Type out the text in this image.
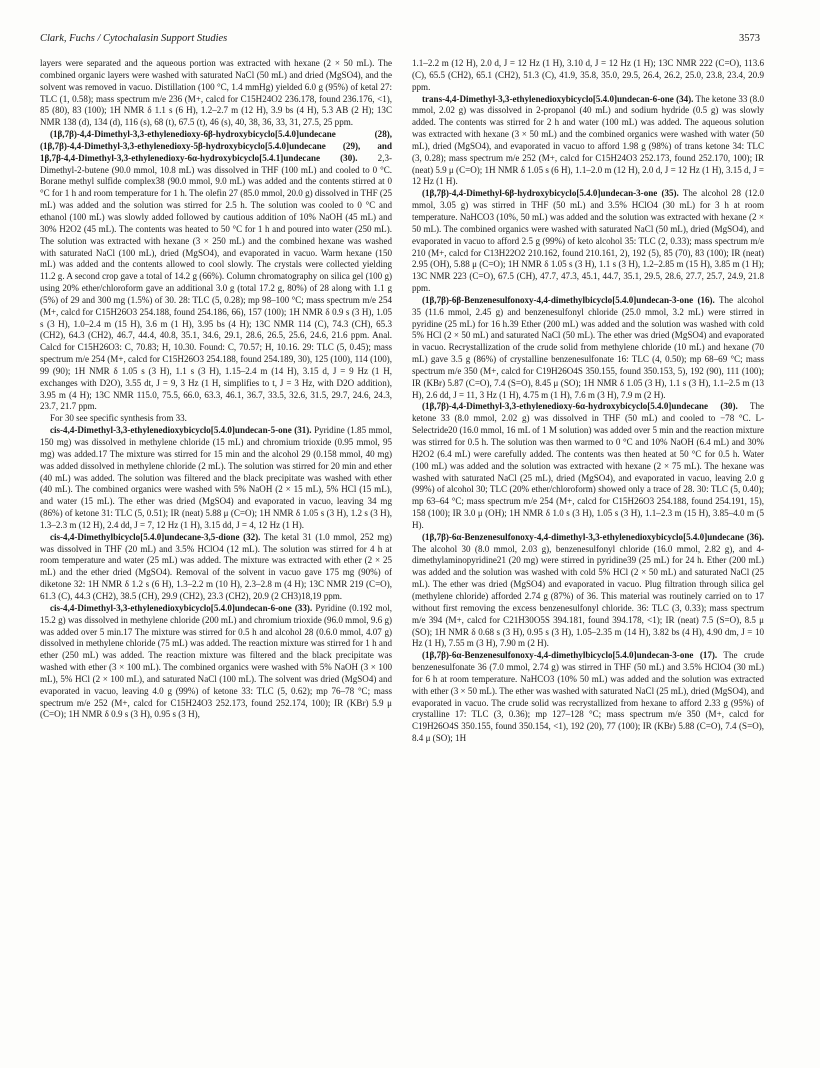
Clark, Fuchs / Cytochalasin Support Studies	3573

layers were separated and the aqueous portion was extracted with hexane (2 × 50 mL). The combined organic layers were washed with saturated NaCl (50 mL) and dried (MgSO4), and the solvent was removed in vacuo. Distillation (100 °C, 1.4 mmHg) yielded 6.0 g (95%) of ketal 27: TLC (1, 0.58); mass spectrum m/e 236 (M+, calcd for C15H24O2 236.178, found 236.176, <1), 85 (80), 83 (100); 1H NMR δ 1.1 s (6 H), 1.2–2.7 m (12 H), 3.9 bs (4 H), 5.3 AB (2 H); 13C NMR 138 (d), 134 (d), 116 (s), 68 (t), 67.5 (t), 46 (s), 40, 38, 36, 33, 31, 27.5, 25 ppm.

(1β,7β)-4,4-Dimethyl-3,3-ethylenedioxy-6β-hydroxybicyclo[5.4.0]undecane (28), (1β,7β)-4,4-Dimethyl-3,3-ethylenedioxy-5β-hydroxybicyclo[5.4.0]undecane (29), and 1β,7β-4,4-Dimethyl-3,3-ethylenedioxy-6α-hydroxybicyclo[5.4.1]undecane (30). 2,3-Dimethyl-2-butene (90.0 mmol, 10.8 mL) was dissolved in THF (100 mL) and cooled to 0 °C. Borane methyl sulfide complex38 (90.0 mmol, 9.0 mL) was added and the contents stirred at 0 °C for 1 h and room temperature for 1 h. The olefin 27 (85.0 mmol, 20.0 g) dissolved in THF (25 mL) was added and the solution was stirred for 2.5 h. The solution was cooled to 0 °C and ethanol (100 mL) was slowly added followed by cautious addition of 10% NaOH (45 mL) and 30% H2O2 (45 mL). The contents was heated to 50 °C for 1 h and poured into water (250 mL). The solution was extracted with hexane (3 × 250 mL) and the combined hexane was washed with saturated NaCl (100 mL), dried (MgSO4), and evaporated in vacuo. Warm hexane (150 mL) was added and the contents allowed to cool slowly. The crystals were collected yielding 11.2 g. A second crop gave a total of 14.2 g (66%). Column chromatography on silica gel (100 g) using 20% ether/chloroform gave an additional 3.0 g (total 17.2 g, 80%) of 28 along with 1.1 g (5%) of 29 and 300 mg (1.5%) of 30. 28: TLC (5, 0.28); mp 98–100 °C; mass spectrum m/e 254 (M+, calcd for C15H26O3 254.188, found 254.186, 66), 157 (100); 1H NMR δ 0.9 s (3 H), 1.05 s (3 H), 1.0–2.4 m (15 H), 3.6 m (1 H), 3.95 bs (4 H); 13C NMR 114 (C), 74.3 (CH), 65.3 (CH2), 64.3 (CH2), 46.7, 44.4, 40.8, 35.1, 34.6, 29.1, 28.6, 26.5, 25.6, 24.6, 21.6 ppm. Anal. Calcd for C15H26O3: C, 70.83; H, 10.30. Found: C, 70.57; H, 10.16. 29: TLC (5, 0.45); mass spectrum m/e 254 (M+, calcd for C15H26O3 254.188, found 254.189, 30), 125 (100), 114 (100), 99 (90); 1H NMR δ 1.05 s (3 H), 1.1 s (3 H), 1.15–2.4 m (14 H), 3.15 d, J = 9 Hz (1 H, exchanges with D2O), 3.55 dt, J = 9, 3 Hz (1 H, simplifies to t, J = 3 Hz, with D2O addition), 3.95 m (4 H); 13C NMR 115.0, 75.5, 66.0, 63.3, 46.1, 36.7, 33.5, 32.6, 31.5, 29.7, 24.6, 24.3, 23.7, 21.7 ppm.

For 30 see specific synthesis from 33.

cis-4,4-Dimethyl-3,3-ethylenedioxybicyclo[5.4.0]undecan-5-one (31). Pyridine (1.85 mmol, 150 mg) was dissolved in methylene chloride (15 mL) and chromium trioxide (0.95 mmol, 95 mg) was added.17 The mixture was stirred for 15 min and the alcohol 29 (0.158 mmol, 40 mg) was added dissolved in methylene chloride (2 mL). The solution was stirred for 20 min and ether (40 mL) was added. The solution was filtered and the black precipitate was washed with ether (40 mL). The combined organics were washed with 5% NaOH (2 × 15 mL), 5% HCl (15 mL), and water (15 mL). The ether was dried (MgSO4) and evaporated in vacuo, leaving 34 mg (86%) of ketone 31: TLC (5, 0.51); IR (neat) 5.88 μ (C=O); 1H NMR δ 1.05 s (3 H), 1.2 s (3 H), 1.3–2.3 m (12 H), 2.4 dd, J = 7, 12 Hz (1 H), 3.15 dd, J = 4, 12 Hz (1 H).

cis-4,4-Dimethylbicyclo[5.4.0]undecane-3,5-dione (32). The ketal 31 (1.0 mmol, 252 mg) was dissolved in THF (20 mL) and 3.5% HClO4 (12 mL). The solution was stirred for 4 h at room temperature and water (25 mL) was added. The mixture was extracted with ether (2 × 25 mL) and the ether dried (MgSO4). Removal of the solvent in vacuo gave 175 mg (90%) of diketone 32: 1H NMR δ 1.2 s (6 H), 1.3–2.2 m (10 H), 2.3–2.8 m (4 H); 13C NMR 219 (C=O), 61.3 (C), 44.3 (CH2), 38.5 (CH), 29.9 (CH2), 23.3 (CH2), 20.9 (2 CH3)18,19 ppm.

cis-4,4-Dimethyl-3,3-ethylenedioxybicyclo[5.4.0]undecan-6-one (33). Pyridine (0.192 mol, 15.2 g) was dissolved in methylene chloride (200 mL) and chromium trioxide (96.0 mmol, 9.6 g) was added over 5 min.17 The mixture was stirred for 0.5 h and alcohol 28 (0.6.0 mmol, 4.07 g) dissolved in methylene chloride (75 mL) was added. The reaction mixture was stirred for 1 h and ether (250 mL) was added. The reaction mixture was filtered and the black precipitate was washed with ether (3 × 100 mL). The combined organics were washed with 5% NaOH (3 × 100 mL), 5% HCl (2 × 100 mL), and saturated NaCl (100 mL). The solvent was dried (MgSO4) and evaporated in vacuo, leaving 4.0 g (99%) of ketone 33: TLC (5, 0.62); mp 76–78 °C; mass spectrum m/e 252 (M+, calcd for C15H24O3 252.173, found 252.174, 100); IR (KBr) 5.9 μ (C=O); 1H NMR δ 0.9 s (3 H), 0.95 s (3 H),

1.1–2.2 m (12 H), 2.0 d, J = 12 Hz (1 H), 3.10 d, J = 12 Hz (1 H); 13C NMR 222 (C=O), 113.6 (C), 65.5 (CH2), 65.1 (CH2), 51.3 (C), 41.9, 35.8, 35.0, 29.5, 26.4, 26.2, 25.0, 23.8, 23.4, 20.9 ppm.

trans-4,4-Dimethyl-3,3-ethylenedioxybicyclo[5.4.0]undecan-6-one (34). The ketone 33 (8.0 mmol, 2.02 g) was dissolved in 2-propanol (40 mL) and sodium hydride (0.5 g) was slowly added. The contents was stirred for 2 h and water (100 mL) was added. The aqueous solution was extracted with hexane (3 × 50 mL) and the combined organics were washed with water (50 mL), dried (MgSO4), and evaporated in vacuo to afford 1.98 g (98%) of trans ketone 34: TLC (3, 0.28); mass spectrum m/e 252 (M+, calcd for C15H24O3 252.173, found 252.170, 100); IR (neat) 5.9 μ (C=O); 1H NMR δ 1.05 s (6 H), 1.1–2.0 m (12 H), 2.0 d, J = 12 Hz (1 H), 3.15 d, J = 12 Hz (1 H).

(1β,7β)-4,4-Dimethyl-6β-hydroxybicyclo[5.4.0]undecan-3-one (35). The alcohol 28 (12.0 mmol, 3.05 g) was stirred in THF (50 mL) and 3.5% HClO4 (30 mL) for 3 h at room temperature. NaHCO3 (10%, 50 mL) was added and the solution was extracted with hexane (2 × 50 mL). The combined organics were washed with saturated NaCl (50 mL), dried (MgSO4), and evaporated in vacuo to afford 2.5 g (99%) of keto alcohol 35: TLC (2, 0.33); mass spectrum m/e 210 (M+, calcd for C13H22O2 210.162, found 210.161, 2), 192 (5), 85 (70), 83 (100); IR (neat) 2.95 (OH), 5.88 μ (C=O); 1H NMR δ 1.05 s (3 H), 1.1 s (3 H), 1.2–2.85 m (15 H), 3.85 m (1 H); 13C NMR 223 (C=O), 67.5 (CH), 47.7, 47.3, 45.1, 44.7, 35.1, 29.5, 28.6, 27.7, 25.7, 24.9, 21.8 ppm.

(1β,7β)-6β-Benzenesulfonoxy-4,4-dimethylbicyclo[5.4.0]undecan-3-one (16). The alcohol 35 (11.6 mmol, 2.45 g) and benzenesulfonyl chloride (25.0 mmol, 3.2 mL) were stirred in pyridine (25 mL) for 16 h.39 Ether (200 mL) was added and the solution was washed with cold 5% HCl (2 × 50 mL) and saturated NaCl (50 mL). The ether was dried (MgSO4) and evaporated in vacuo. Recrystallization of the crude solid from methylene chloride (10 mL) and hexane (70 mL) gave 3.5 g (86%) of crystalline benzenesulfonate 16: TLC (4, 0.50); mp 68–69 °C; mass spectrum m/e 350 (M+, calcd for C19H26O4S 350.155, found 350.153, 5), 192 (90), 111 (100); IR (KBr) 5.87 (C=O), 7.4 (S=O), 8.45 μ (SO); 1H NMR δ 1.05 (3 H), 1.1 s (3 H), 1.1–2.5 m (13 H), 2.6 dd, J = 11, 3 Hz (1 H), 4.75 m (1 H), 7.6 m (3 H), 7.9 m (2 H).

(1β,7β)-4,4-Dimethyl-3,3-ethylenedioxy-6α-hydroxybicyclo[5.4.0]undecane (30). The ketone 33 (8.0 mmol, 2.02 g) was dissolved in THF (50 mL) and cooled to −78 °C. L-Selectride20 (16.0 mmol, 16 mL of 1 M solution) was added over 5 min and the reaction mixture was stirred for 0.5 h. The solution was then warmed to 0 °C and 10% NaOH (6.4 mL) and 30% H2O2 (6.4 mL) were carefully added. The contents was then heated at 50 °C for 0.5 h. Water (100 mL) was added and the solution was extracted with hexane (2 × 75 mL). The hexane was washed with saturated NaCl (25 mL), dried (MgSO4), and evaporated in vacuo, leaving 2.0 g (99%) of alcohol 30; TLC (20% ether/chloroform) showed only a trace of 28. 30: TLC (5, 0.40); mp 63–64 °C; mass spectrum m/e 254 (M+, calcd for C15H26O3 254.188, found 254.191, 15), 158 (100); IR 3.0 μ (OH); 1H NMR δ 1.0 s (3 H), 1.05 s (3 H), 1.1–2.3 m (15 H), 3.85–4.0 m (5 H).

(1β,7β)-6α-Benzenesulfonoxy-4,4-dimethyl-3,3-ethylenedioxybicyclo[5.4.0]undecane (36). The alcohol 30 (8.0 mmol, 2.03 g), benzenesulfonyl chloride (16.0 mmol, 2.82 g), and 4-dimethylaminopyridine21 (20 mg) were stirred in pyridine39 (25 mL) for 24 h. Ether (200 mL) was added and the solution was washed with cold 5% HCl (2 × 50 mL) and saturated NaCl (25 mL). The ether was dried (MgSO4) and evaporated in vacuo. Plug filtration through silica gel (methylene chloride) afforded 2.74 g (87%) of 36. This material was routinely carried on to 17 without first removing the excess benzenesulfonyl chloride. 36: TLC (3, 0.33); mass spectrum m/e 394 (M+, calcd for C21H30O5S 394.181, found 394.178, <1); IR (neat) 7.5 (S=O), 8.5 μ (SO); 1H NMR δ 0.68 s (3 H), 0.95 s (3 H), 1.05–2.35 m (14 H), 3.82 bs (4 H), 4.90 dm, J = 10 Hz (1 H), 7.55 m (3 H), 7.90 m (2 H).

(1β,7β)-6α-Benzenesulfonoxy-4,4-dimethylbicyclo[5.4.0]undecan-3-one (17). The crude benzenesulfonate 36 (7.0 mmol, 2.74 g) was stirred in THF (50 mL) and 3.5% HClO4 (30 mL) for 6 h at room temperature. NaHCO3 (10% 50 mL) was added and the solution was extracted with ether (3 × 50 mL). The ether was washed with saturated NaCl (25 mL), dried (MgSO4), and evaporated in vacuo. The crude solid was recrystallized from hexane to afford 2.33 g (95%) of crystalline 17: TLC (3, 0.36); mp 127–128 °C; mass spectrum m/e 350 (M+, calcd for C19H26O4S 350.155, found 350.154, <1), 192 (20), 77 (100); IR (KBr) 5.88 (C=O), 7.4 (S=O), 8.4 μ (SO); 1H
